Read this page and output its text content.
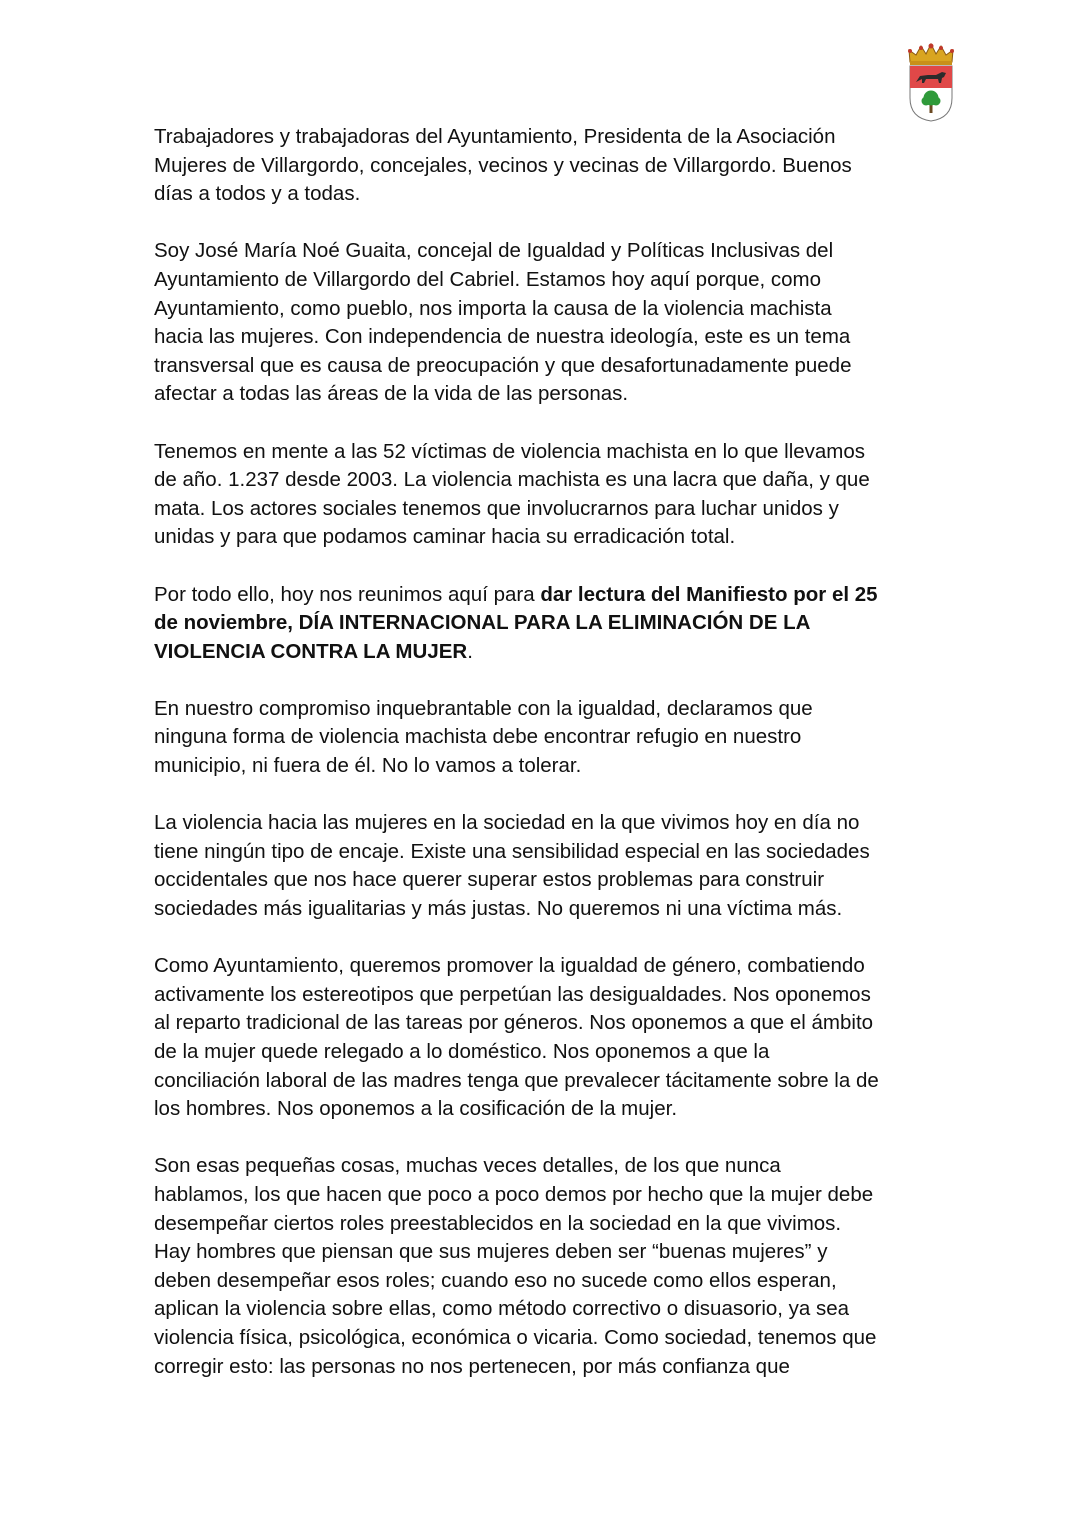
Trabajadores y trabajadoras del Ayuntamiento, Presidenta de la Asociación
Mujeres de Villargordo, concejales, vecinos y vecinas de Villargordo. Buenos
días a todos y a todas.
Soy José María Noé Guaita, concejal de Igualdad y Políticas Inclusivas del
Ayuntamiento de Villargordo del Cabriel. Estamos hoy aquí porque, como
Ayuntamiento, como pueblo, nos importa la causa de la violencia machista
hacia las mujeres. Con independencia de nuestra ideología, este es un tema
transversal que es causa de preocupación y que desafortunadamente puede
afectar a todas las áreas de la vida de las personas.
Tenemos en mente a las 52 víctimas de violencia machista en lo que llevamos
de año. 1.237 desde 2003. La violencia machista es una lacra que daña, y que
mata. Los actores sociales tenemos que involucrarnos para luchar unidos y
unidas y para que podamos caminar hacia su erradicación total.
Por todo ello, hoy nos reunimos aquí para dar lectura del Manifiesto por el 25
de noviembre, DÍA INTERNACIONAL PARA LA ELIMINACIÓN DE LA
VIOLENCIA CONTRA LA MUJER.
En nuestro compromiso inquebrantable con la igualdad, declaramos que
ninguna forma de violencia machista debe encontrar refugio en nuestro
municipio, ni fuera de él. No lo vamos a tolerar.
La violencia hacia las mujeres en la sociedad en la que vivimos hoy en día no
tiene ningún tipo de encaje. Existe una sensibilidad especial en las sociedades
occidentales que nos hace querer superar estos problemas para construir
sociedades más igualitarias y más justas. No queremos ni una víctima más.
Como Ayuntamiento, queremos promover la igualdad de género, combatiendo
activamente los estereotipos que perpetúan las desigualdades. Nos oponemos
al reparto tradicional de las tareas por géneros. Nos oponemos a que el ámbito
de la mujer quede relegado a lo doméstico. Nos oponemos a que la
conciliación laboral de las madres tenga que prevalecer tácitamente sobre la de
los hombres. Nos oponemos a la cosificación de la mujer.
Son esas pequeñas cosas, muchas veces detalles, de los que nunca
hablamos, los que hacen que poco a poco demos por hecho que la mujer debe
desempeñar ciertos roles preestablecidos en la sociedad en la que vivimos.
Hay hombres que piensan que sus mujeres deben ser “buenas mujeres” y
deben desempeñar esos roles; cuando eso no sucede como ellos esperan,
aplican la violencia sobre ellas, como método correctivo o disuasorio, ya sea
violencia física, psicológica, económica o vicaria. Como sociedad, tenemos que
corregir esto: las personas no nos pertenecen, por más confianza que
